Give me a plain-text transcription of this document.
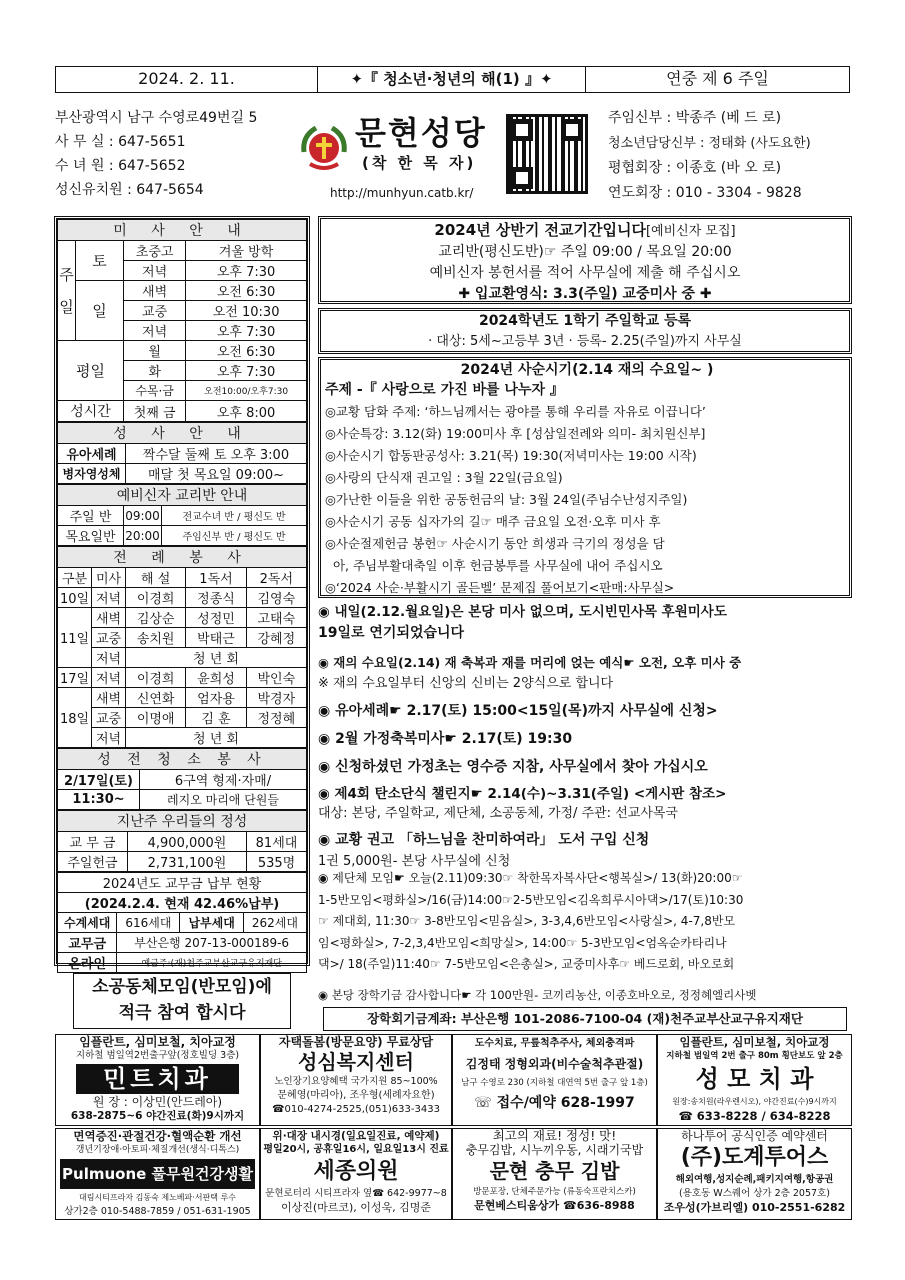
2024. 2. 11.	✦『 청소년·청년의 해(1) 』✦	연중 제 6 주일
부산광역시 남구 수영로49번길 5
사 무 실 : 647-5651
수 녀 원 : 647-5652
성신유치원 : 647-5654
문현성당
(착 한 목 자)
http://munhyun.catb.kr/
주임신부 : 박종주 (베 드 로)
청소년담당신부 : 정태화 (사도요한)
평협회장 : 이종호 (바 오 로)
연도회장 : 010 - 3304 - 9828
미 사 안 내			
주
일	토	초중고	겨울 방학
		저녁	오후 7:30
	일	새벽	오전 6:30
		교중	오전 10:30
		저녁	오후 7:30
평일		월	오전 6:30
		화	오후 7:30
		수목·금	오전10:00/오후7:30
성시간		첫째 금	오후 8:00
성 사 안 내	
유아세례	짝수달 둘째 토 오후 3:00
병자영성체	매달 첫 목요일 09:00~
예비신자 교리반 안내		
주일 반	09:00	전교수녀 반 / 평신도 반
목요일반	20:00	주임신부 반 / 평신도 반
전 례 봉 사				
구분	미사	해 설	1독서	2독서
10일	저녁	이경희	정종식	김영숙
11일	새벽	김상순	성정민	고태숙
	교중	송치원	박태근	강혜정
	저녁	청 년 회		
17일	저녁	이경희	윤희성	박인숙
18일	새벽	신연화	엄자용	박경자
	교중	이명애	김 훈	정정혜
	저녁	청 년 회		
성 전 청 소 봉 사	
2/17일(토)	6구역 형제·자매/
11:30~	레지오 마리애 단원들
지난주 우리들의 정성		
교 무 금	4,900,000원	81세대
주일헌금	2,731,100원	535명
2024년도 교무금 납부 현황			
(2024.2.4. 현재 42.46%납부)			
수계세대	616세대	납부세대	262세대
교무금	부산은행 207-13-000189-6		
온라인	예금주:(재)천주교부산교구유지재단		
소공동체모임(반모임)에
적극 참여 합시다
2024년 상반기 전교기간입니다[예비신자 모집]
교리반(평신도반)☞ 주일 09:00 / 목요일 20:00
예비신자 봉헌서를 적어 사무실에 제출 해 주십시오
✚ 입교환영식: 3.3(주일) 교중미사 중 ✚
2024학년도 1학기 주일학교 등록
· 대상: 5세~고등부 3년 · 등록- 2.25(주일)까지 사무실
2024년 사순시기(2.14 재의 수요일~ )
주제 -『 사랑으로 가진 바를 나누자 』
◎교황 담화 주제: ‘하느님께서는 광야를 통해 우리를 자유로 이끕니다’
◎사순특강: 3.12(화) 19:00미사 후 [성삼일전례와 의미- 최치원신부]
◎사순시기 합동판공성사: 3.21(목) 19:30(저녁미사는 19:00 시작)
◎사랑의 단식재 권고일 : 3월 22일(금요일)
◎가난한 이들을 위한 공동헌금의 날: 3월 24일(주님수난성지주일)
◎사순시기 공동 십자가의 길☞ 매주 금요일 오전·오후 미사 후
◎사순절제헌금 봉헌☞ 사순시기 동안 희생과 극기의 정성을 담
아, 주님부활대축일 이후 헌금봉투를 사무실에 내어 주십시오
◎‘2024 사순·부활시기 골든벨’ 문제집 풀어보기<판매:사무실>
◉ 내일(2.12.월요일)은 본당 미사 없으며, 도시빈민사목 후원미사도
19일로 연기되었습니다
◉ 재의 수요일(2.14) 재 축복과 재를 머리에 얹는 예식☛ 오전, 오후 미사 중
※ 재의 수요일부터 신앙의 신비는 2양식으로 합니다
◉ 유아세례☛ 2.17(토) 15:00<15일(목)까지 사무실에 신청>
◉ 2월 가정축복미사☛ 2.17(토) 19:30
◉ 신청하셨던 가정초는 영수증 지참, 사무실에서 찾아 가십시오
◉ 제4회 탄소단식 챌린지☛ 2.14(수)~3.31(주일) <게시판 참조>
대상: 본당, 주일학교, 제단체, 소공동체, 가정/ 주관: 선교사목국
◉ 교황 권고 「하느님을 찬미하여라」 도서 구입 신청
1권 5,000원- 본당 사무실에 신청
◉ 제단체 모임☛ 오늘(2.11)09:30☞ 착한목자복사단<행복실>/ 13(화)20:00☞
1-5반모임<평화실>/16(금)14:00☞2-5반모임<김옥희루시아댁>/17(토)10:30
☞ 제대회, 11:30☞ 3-8반모임<믿음실>, 3-3,4,6반모임<사랑실>, 4-7,8반모
임<평화실>, 7-2,3,4반모임<희망실>, 14:00☞ 5-3반모임<엄옥순카타리나
댁>/ 18(주일)11:40☞ 7-5반모임<은총실>, 교중미사후☞ 베드로회, 바오로회
◉ 본당 장학기금 감사합니다☛ 각 100만원- 코끼리농산, 이종호바오로, 정정혜엘리사벳
장학회기금계좌: 부산은행 101-2086-7100-04 (재)천주교부산교구유지재단
임플란트, 심미보철, 치아교정
지하철 범일역2번출구앞(정호빌딩 3층)
민트치과
원 장 : 이상민(안드레아)
638-2875~6 야간진료(화)9시까지
자택돌봄(방문요양) 무료상담
성심복지센터
노인장기요양혜택 국가지원 85~100%
문혜영(마리아), 조우형(세례자요한)
☎010-4274-2525,(051)633-3433
도수치료, 무릎척추주사, 체외충격파
김정태 정형외과(비수술척추관절)
남구 수영로 230 (지하철 대연역 5번 출구 앞 1층)
☏ 접수/예약 628-1997
임플란트, 심미보철, 치아교정
지하철 범일역 2번 출구 80m 횡단보도 앞 2층
성 모 치 과
원장:송치원(라우렌시오), 야간진료(수)9시까지
☎ 633-8228 / 634-8228
면역증진·관절건강·혈액순환 개선
갱년기장애·아토피·체질개선(생식·디톡스)
Pulmuone 풀무원건강생활
대림시티프라자 김동숙 제노베파·서판택 루수
상가2층 010-5488-7859 / 051-631-1905
위·대장 내시경(일요일진료, 예약제)
평일20시, 공휴일16시, 일요일13시 진료
세종의원
문현로터리 시티프라자 옆☎ 642-9977~8
이상진(마르코), 이성욱, 김명준
최고의 재료! 정성! 맛!
충무김밥, 시누끼우동, 시래기국밥
문현 충무 김밥
방문포장, 단체주문가능 (류동숙프란치스카)
문현베스티움상가 ☎636-8988
하나투어 공식인증 예약센터
(주)도계투어스
해외여행,성지순례,패키지여행,항공권
(용호동 W스퀘어 상가 2층 2057호)
조우성(가브리엘) 010-2551-6282
